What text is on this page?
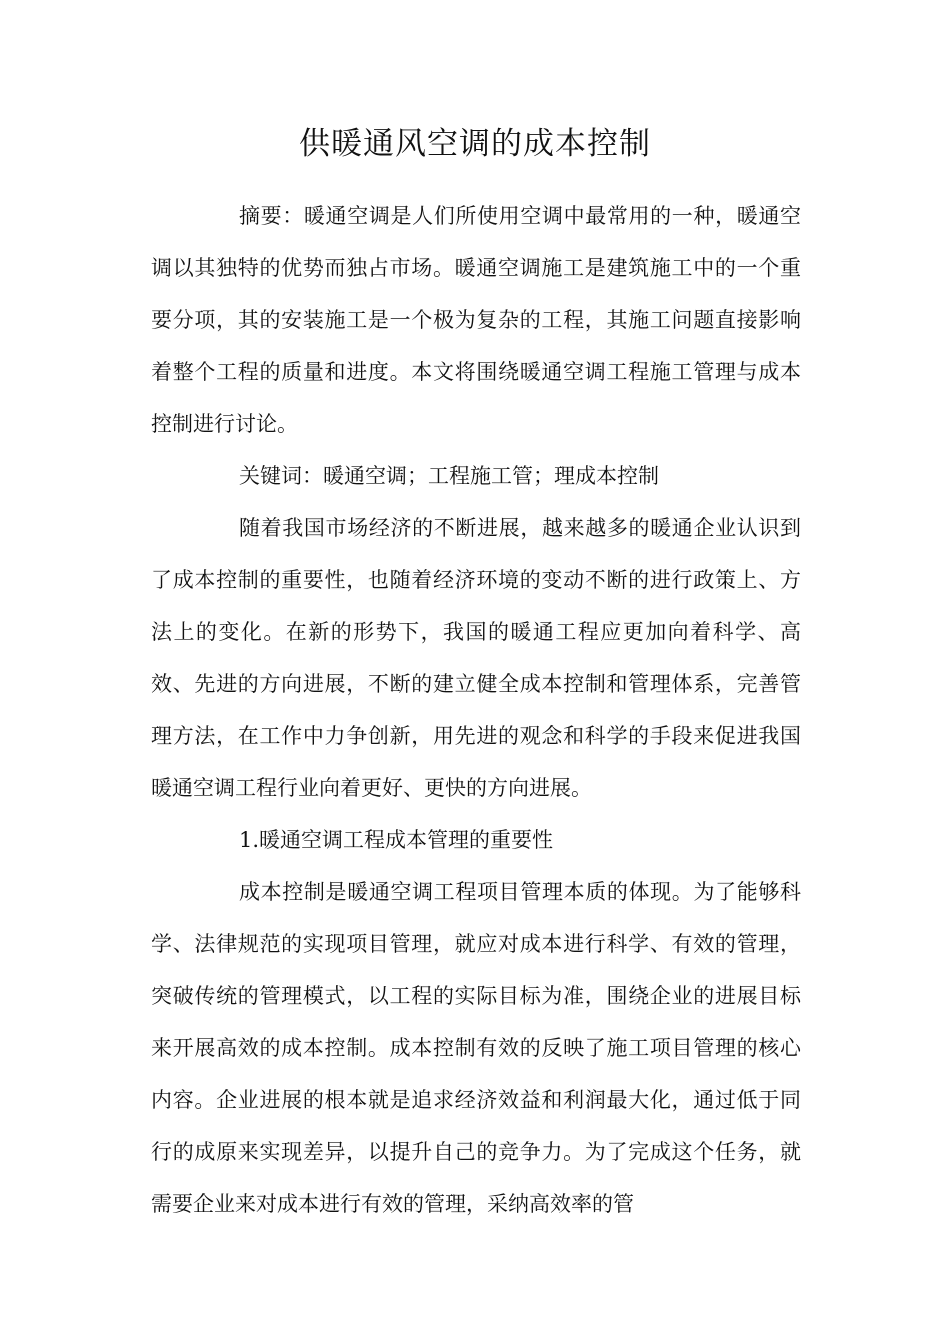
供暖通风空调的成本控制

摘要：暖通空调是人们所使用空调中最常用的一种，暖通空调以其独特的优势而独占市场。暖通空调施工是建筑施工中的一个重要分项，其的安装施工是一个极为复杂的工程，其施工问题直接影响着整个工程的质量和进度。本文将围绕暖通空调工程施工管理与成本控制进行讨论。

关键词：暖通空调；工程施工管；理成本控制

随着我国市场经济的不断进展，越来越多的暖通企业认识到了成本控制的重要性，也随着经济环境的变动不断的进行政策上、方法上的变化。在新的形势下，我国的暖通工程应更加向着科学、高效、先进的方向进展，不断的建立健全成本控制和管理体系，完善管理方法，在工作中力争创新，用先进的观念和科学的手段来促进我国暖通空调工程行业向着更好、更快的方向进展。

1.暖通空调工程成本管理的重要性

成本控制是暖通空调工程项目管理本质的体现。为了能够科学、法律规范的实现项目管理，就应对成本进行科学、有效的管理，突破传统的管理模式，以工程的实际目标为准，围绕企业的进展目标来开展高效的成本控制。成本控制有效的反映了施工项目管理的核心内容。企业进展的根本就是追求经济效益和利润最大化，通过低于同行的成原来实现差异，以提升自己的竞争力。为了完成这个任务，就需要企业来对成本进行有效的管理，采纳高效率的管
